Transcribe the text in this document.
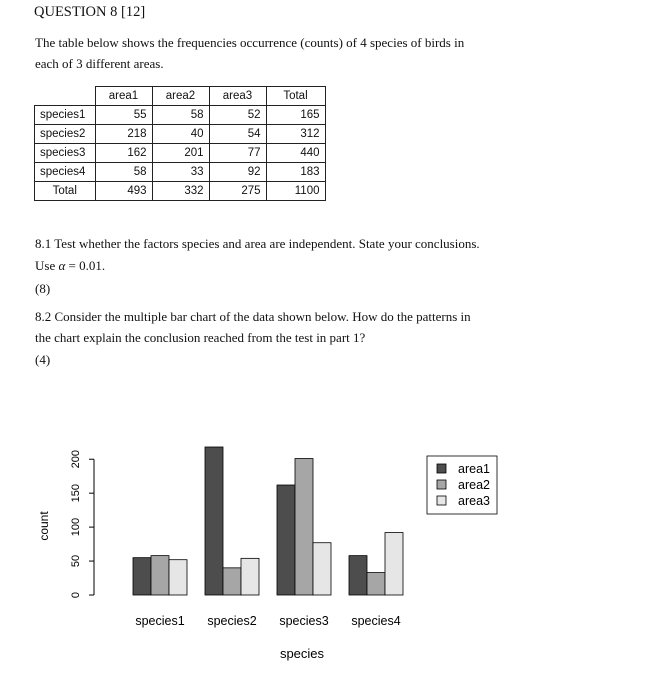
QUESTION 8 [12]
The table below shows the frequencies occurrence (counts) of 4 species of birds in
each of 3 different areas.
	area1	area2	area3	Total
species1	55	58	52	165
species2	218	40	54	312
species3	162	201	77	440
species4	58	33	92	183
Total	493	332	275	1100
8.1 Test whether the factors species and area are independent. State your conclusions.
Use α = 0.01.
(8)
8.2 Consider the multiple bar chart of the data shown below. How do the patterns in
the chart explain the conclusion reached from the test in part 1?
(4)
0
50
100
150
200
species1 species2 species3 species4
area1
area2
area3
count
species
